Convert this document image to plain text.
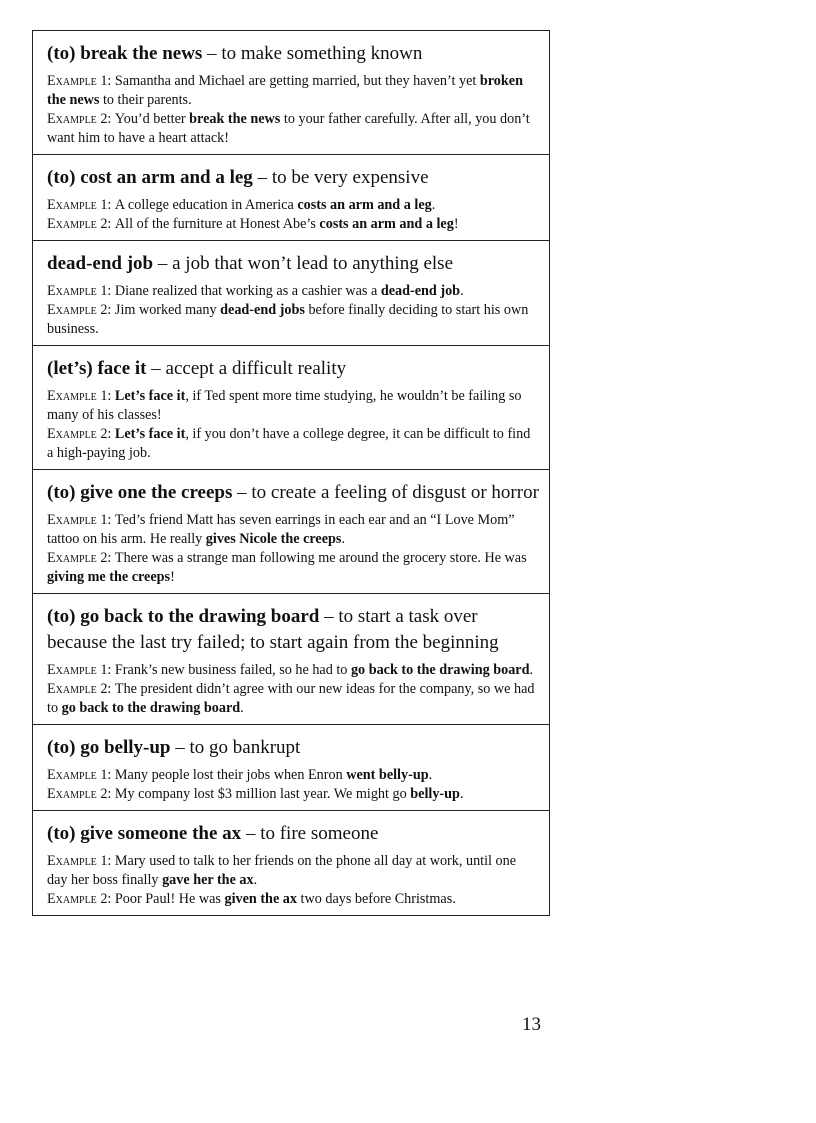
(to) break the news – to make something known
Example 1: Samantha and Michael are getting married, but they haven’t yet broken the news to their parents.
Example 2: You’d better break the news to your father carefully. After all, you don’t want him to have a heart attack!
(to) cost an arm and a leg – to be very expensive
Example 1: A college education in America costs an arm and a leg.
Example 2: All of the furniture at Honest Abe’s costs an arm and a leg!
dead-end job – a job that won’t lead to anything else
Example 1: Diane realized that working as a cashier was a dead-end job.
Example 2: Jim worked many dead-end jobs before finally deciding to start his own business.
(let’s) face it – accept a difficult reality
Example 1: Let’s face it, if Ted spent more time studying, he wouldn’t be failing so many of his classes!
Example 2: Let’s face it, if you don’t have a college degree, it can be difficult to find a high-paying job.
(to) give one the creeps – to create a feeling of disgust or horror
Example 1: Ted’s friend Matt has seven earrings in each ear and an “I Love Mom” tattoo on his arm. He really gives Nicole the creeps.
Example 2: There was a strange man following me around the grocery store. He was giving me the creeps!
(to) go back to the drawing board – to start a task over because the last try failed; to start again from the beginning
Example 1: Frank’s new business failed, so he had to go back to the drawing board.
Example 2: The president didn’t agree with our new ideas for the company, so we had to go back to the drawing board.
(to) go belly-up – to go bankrupt
Example 1: Many people lost their jobs when Enron went belly-up.
Example 2: My company lost $3 million last year. We might go belly-up.
(to) give someone the ax – to fire someone
Example 1: Mary used to talk to her friends on the phone all day at work, until one day her boss finally gave her the ax.
Example 2: Poor Paul! He was given the ax two days before Christmas.
13
